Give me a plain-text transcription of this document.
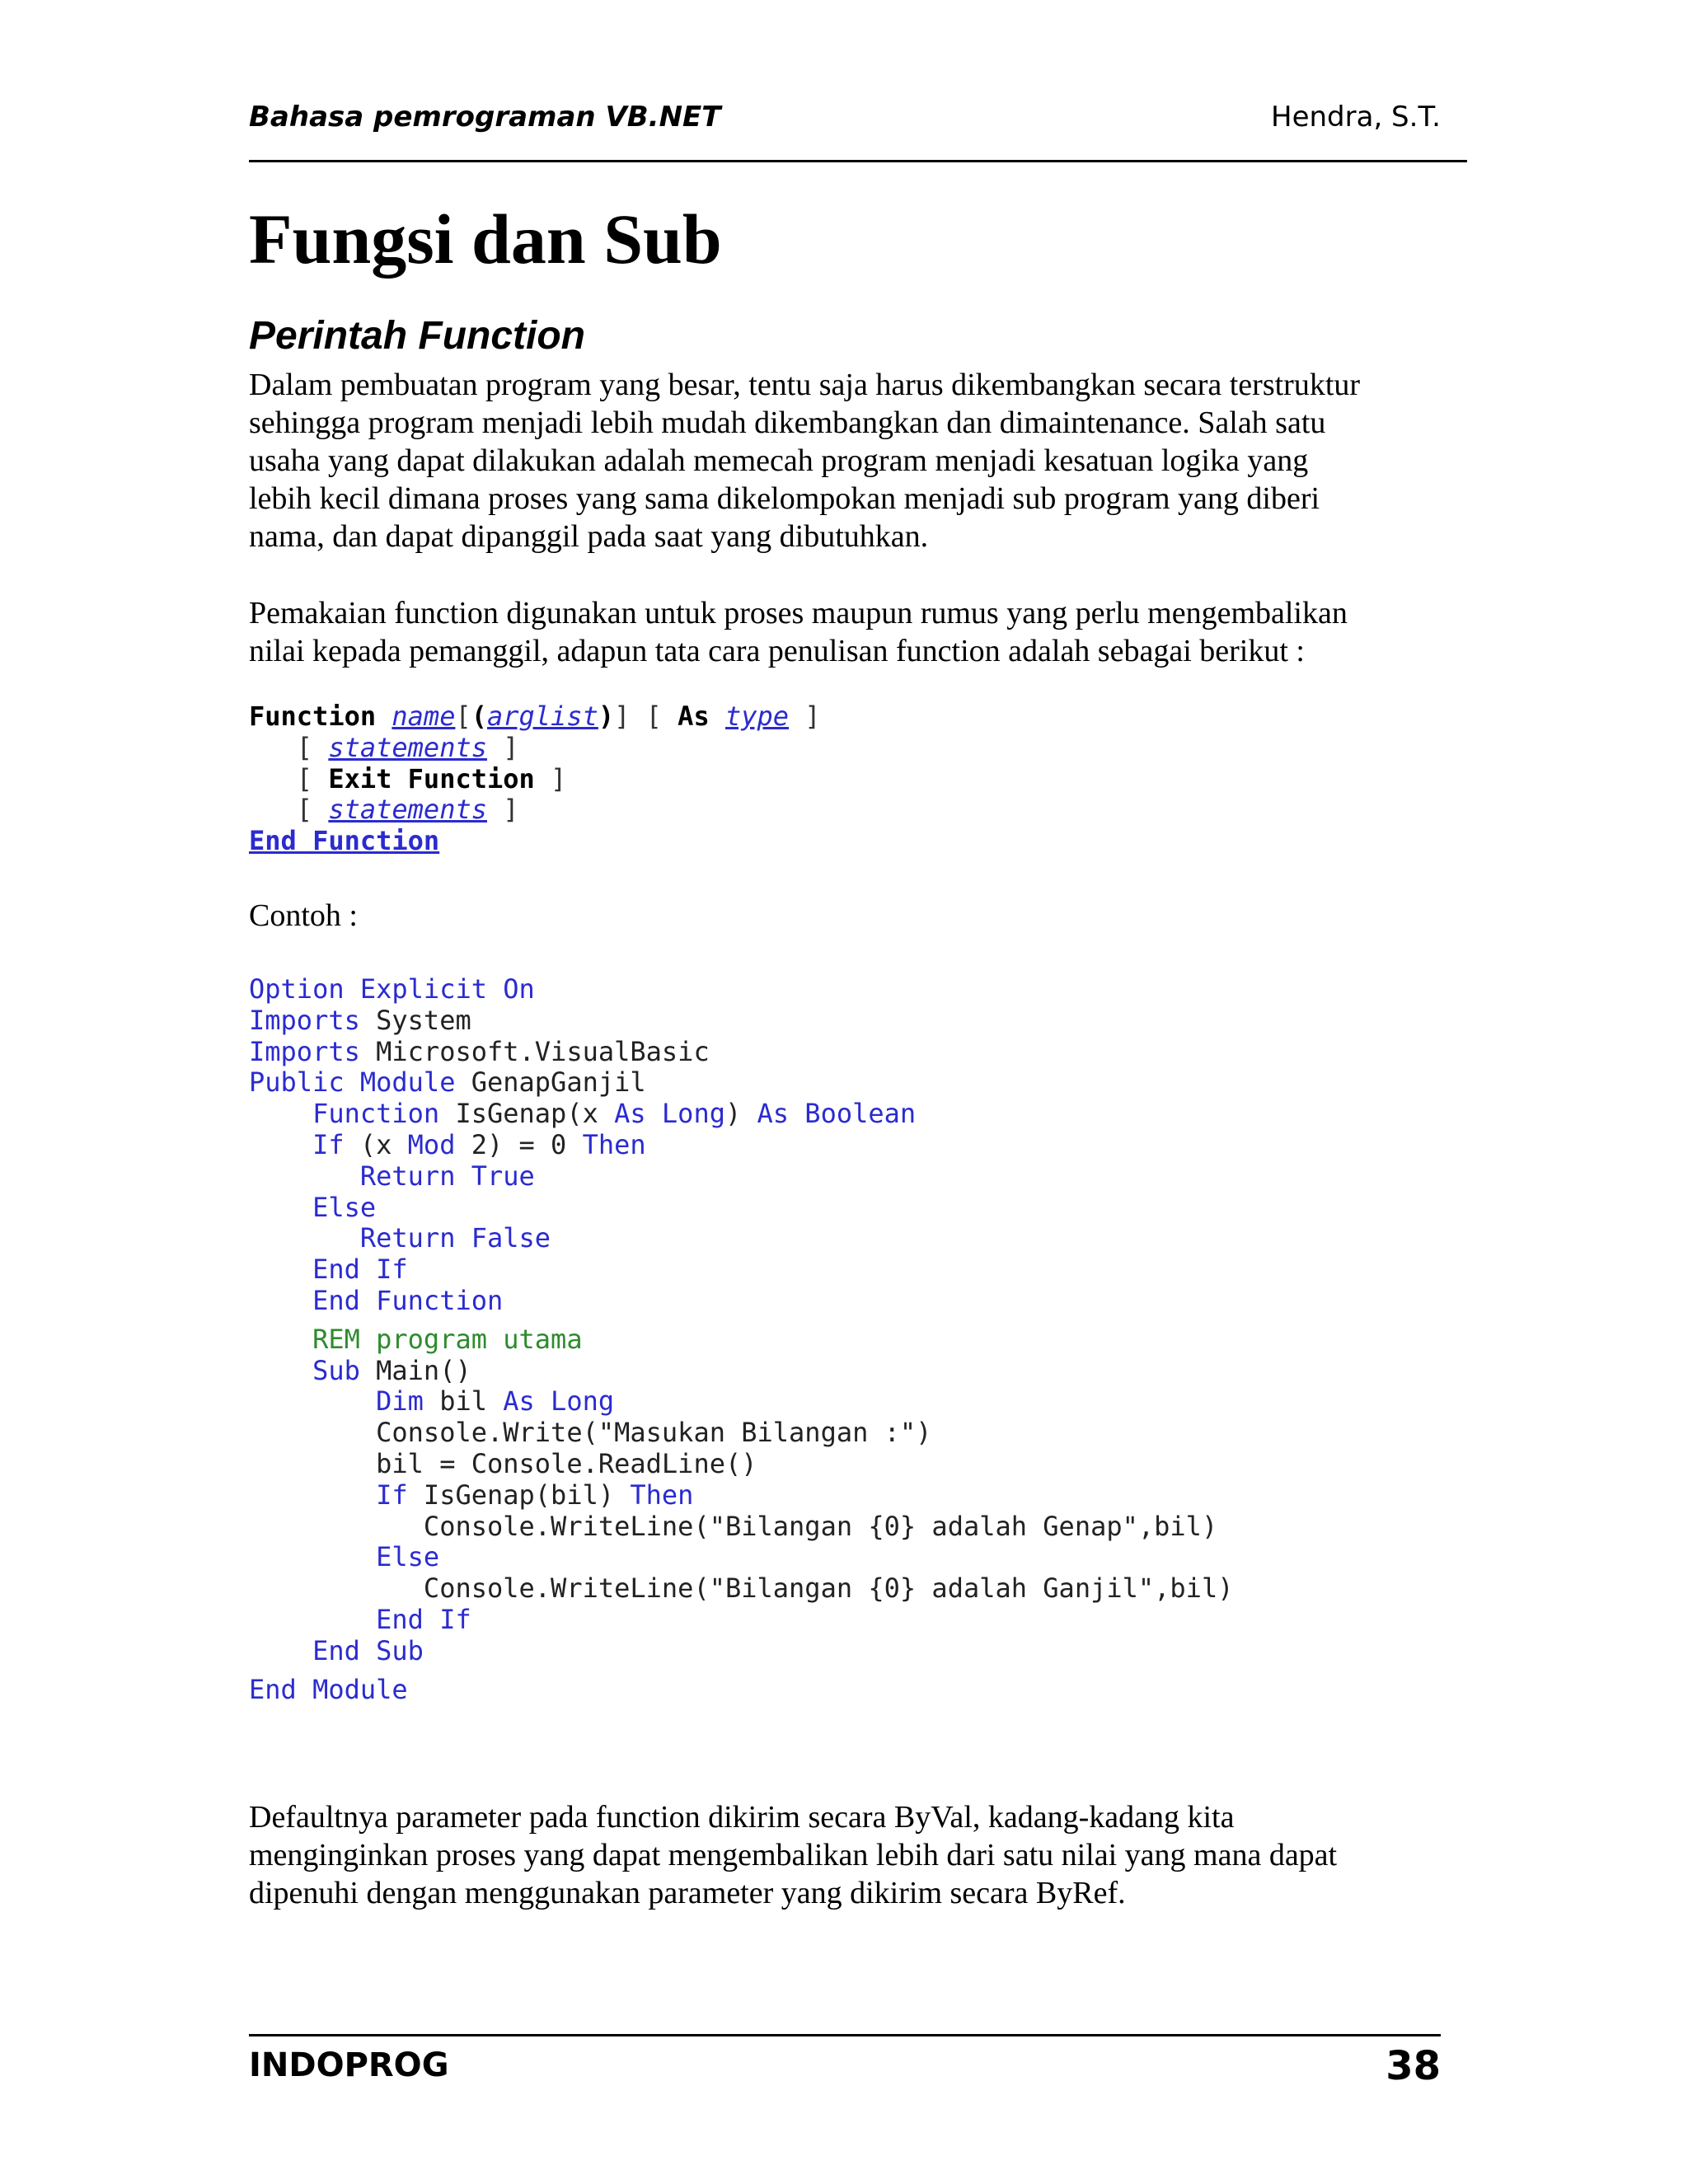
Bahasa pemrograman VB.NET	Hendra, S.T.
Fungsi dan Sub
Perintah Function

Dalam pembuatan program yang besar, tentu saja harus dikembangkan secara terstruktur
sehingga program menjadi lebih mudah dikembangkan dan dimaintenance. Salah satu
usaha yang dapat dilakukan adalah memecah program menjadi kesatuan logika yang
lebih kecil dimana proses yang sama dikelompokan menjadi sub program yang diberi
nama, dan dapat dipanggil pada saat yang dibutuhkan.

Pemakaian function digunakan untuk proses maupun rumus yang perlu mengembalikan
nilai kepada pemanggil, adapun tata cara penulisan function adalah sebagai berikut :

Function name[(arglist)] [ As type ]
[ statements ]
[ Exit Function ]
[ statements ]
End Function

Contoh :

Option Explicit On
Imports System
Imports Microsoft.VisualBasic
Public Module GenapGanjil
Function IsGenap(x As Long) As Boolean
If (x Mod 2) = 0 Then
Return True
Else
Return False
End If
End Function
REM program utama
Sub Main()
Dim bil As Long
Console.Write("Masukan Bilangan :")
bil = Console.ReadLine()
If IsGenap(bil) Then
Console.WriteLine("Bilangan {0} adalah Genap",bil)
Else
Console.WriteLine("Bilangan {0} adalah Ganjil",bil)
End If
End Sub
End Module

Defaultnya parameter pada function dikirim secara ByVal, kadang-kadang kita
menginginkan proses yang dapat mengembalikan lebih dari satu nilai yang mana dapat
dipenuhi dengan menggunakan parameter yang dikirim secara ByRef.

INDOPROG	38
